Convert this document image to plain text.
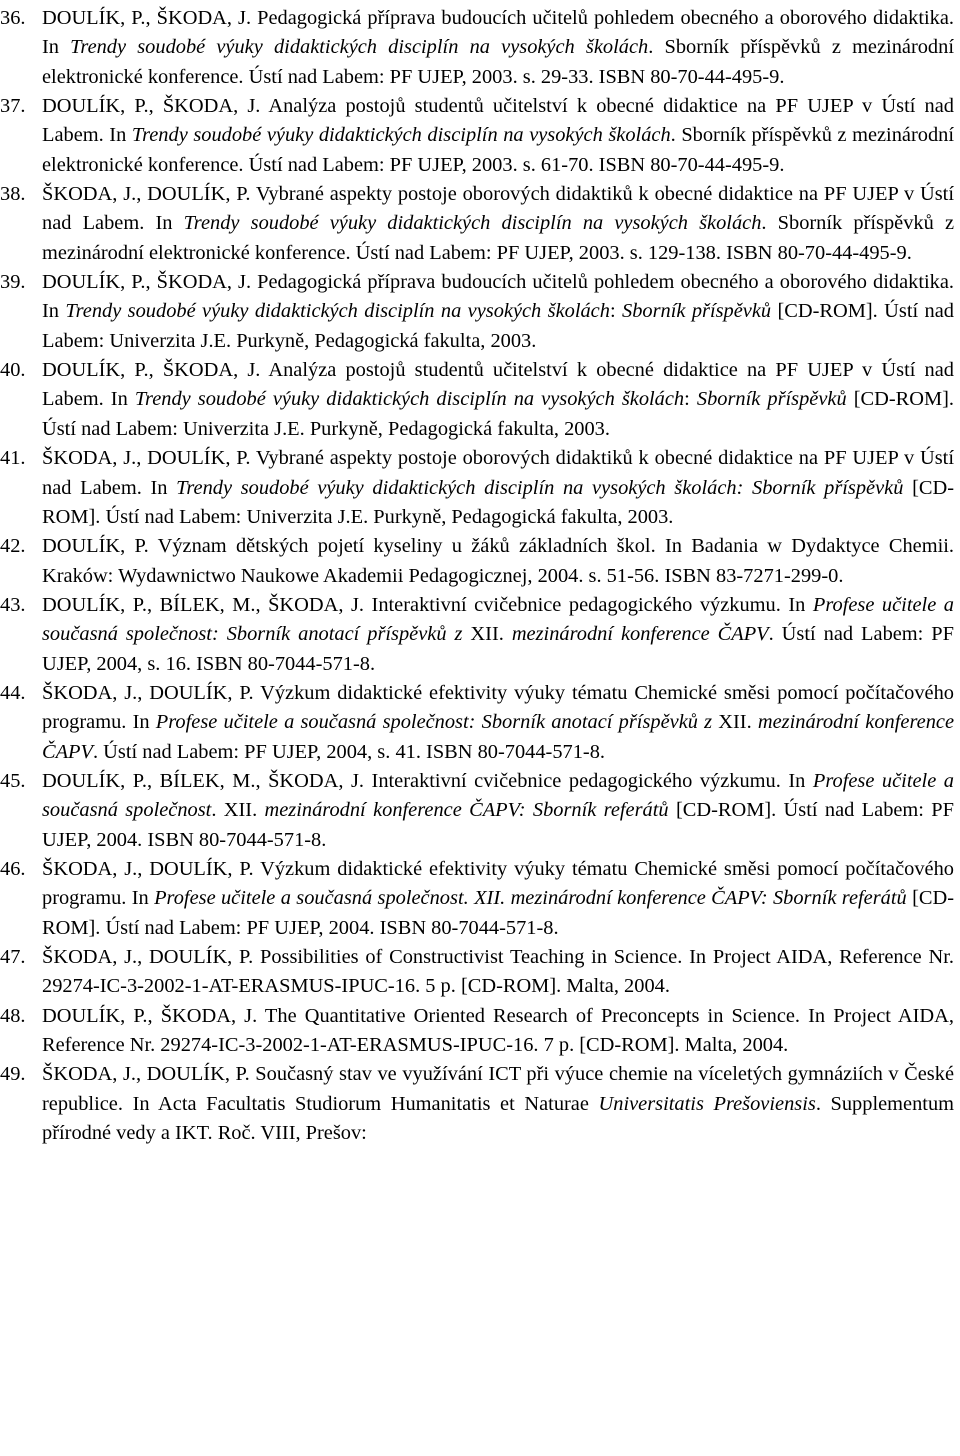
36. DOULÍK, P., ŠKODA, J. Pedagogická příprava budoucích učitelů pohledem obecného a oborového didaktika. In Trendy soudobé výuky didaktických disciplín na vysokých školách. Sborník příspěvků z mezinárodní elektronické konference. Ústí nad Labem: PF UJEP, 2003. s. 29-33. ISBN 80-70-44-495-9.
37. DOULÍK, P., ŠKODA, J. Analýza postojů studentů učitelství k obecné didaktice na PF UJEP v Ústí nad Labem. In Trendy soudobé výuky didaktických disciplín na vysokých školách. Sborník příspěvků z mezinárodní elektronické konference. Ústí nad Labem: PF UJEP, 2003. s. 61-70. ISBN 80-70-44-495-9.
38. ŠKODA, J., DOULÍK, P. Vybrané aspekty postoje oborových didaktiků k obecné didaktice na PF UJEP v Ústí nad Labem. In Trendy soudobé výuky didaktických disciplín na vysokých školách. Sborník příspěvků z mezinárodní elektronické konference. Ústí nad Labem: PF UJEP, 2003. s. 129-138. ISBN 80-70-44-495-9.
39. DOULÍK, P., ŠKODA, J. Pedagogická příprava budoucích učitelů pohledem obecného a oborového didaktika. In Trendy soudobé výuky didaktických disciplín na vysokých školách: Sborník příspěvků [CD-ROM]. Ústí nad Labem: Univerzita J.E. Purkyně, Pedagogická fakulta, 2003.
40. DOULÍK, P., ŠKODA, J. Analýza postojů studentů učitelství k obecné didaktice na PF UJEP v Ústí nad Labem. In Trendy soudobé výuky didaktických disciplín na vysokých školách: Sborník příspěvků [CD-ROM]. Ústí nad Labem: Univerzita J.E. Purkyně, Pedagogická fakulta, 2003.
41. ŠKODA, J., DOULÍK, P. Vybrané aspekty postoje oborových didaktiků k obecné didaktice na PF UJEP v Ústí nad Labem. In Trendy soudobé výuky didaktických disciplín na vysokých školách: Sborník příspěvků [CD-ROM]. Ústí nad Labem: Univerzita J.E. Purkyně, Pedagogická fakulta, 2003.
42. DOULÍK, P. Význam dětských pojetí kyseliny u žáků základních škol. In Badania w Dydaktyce Chemii. Kraków: Wydawnictwo Naukowe Akademii Pedagogicznej, 2004. s. 51-56. ISBN 83-7271-299-0.
43. DOULÍK, P., BÍLEK, M., ŠKODA, J. Interaktivní cvičebnice pedagogického výzkumu. In Profese učitele a současná společnost: Sborník anotací příspěvků z XII. mezinárodní konference ČAPV. Ústí nad Labem: PF UJEP, 2004, s. 16. ISBN 80-7044-571-8.
44. ŠKODA, J., DOULÍK, P. Výzkum didaktické efektivity výuky tématu Chemické směsi pomocí počítačového programu. In Profese učitele a současná společnost: Sborník anotací příspěvků z XII. mezinárodní konference ČAPV. Ústí nad Labem: PF UJEP, 2004, s. 41. ISBN 80-7044-571-8.
45. DOULÍK, P., BÍLEK, M., ŠKODA, J. Interaktivní cvičebnice pedagogického výzkumu. In Profese učitele a současná společnost. XII. mezinárodní konference ČAPV: Sborník referátů [CD-ROM]. Ústí nad Labem: PF UJEP, 2004. ISBN 80-7044-571-8.
46. ŠKODA, J., DOULÍK, P. Výzkum didaktické efektivity výuky tématu Chemické směsi pomocí počítačového programu. In Profese učitele a současná společnost. XII. mezinárodní konference ČAPV: Sborník referátů [CD-ROM]. Ústí nad Labem: PF UJEP, 2004. ISBN 80-7044-571-8.
47. ŠKODA, J., DOULÍK, P. Possibilities of Constructivist Teaching in Science. In Project AIDA, Reference Nr. 29274-IC-3-2002-1-AT-ERASMUS-IPUC-16. 5 p. [CD-ROM]. Malta, 2004.
48. DOULÍK, P., ŠKODA, J. The Quantitative Oriented Research of Preconcepts in Science. In Project AIDA, Reference Nr. 29274-IC-3-2002-1-AT-ERASMUS-IPUC-16. 7 p. [CD-ROM]. Malta, 2004.
49. ŠKODA, J., DOULÍK, P. Současný stav ve využívání ICT při výuce chemie na víceletých gymnáziích v České republice. In Acta Facultatis Studiorum Humanitatis et Naturae Universitatis Prešoviensis. Supplementum přírodné vedy a IKT. Roč. VIII, Prešov:
